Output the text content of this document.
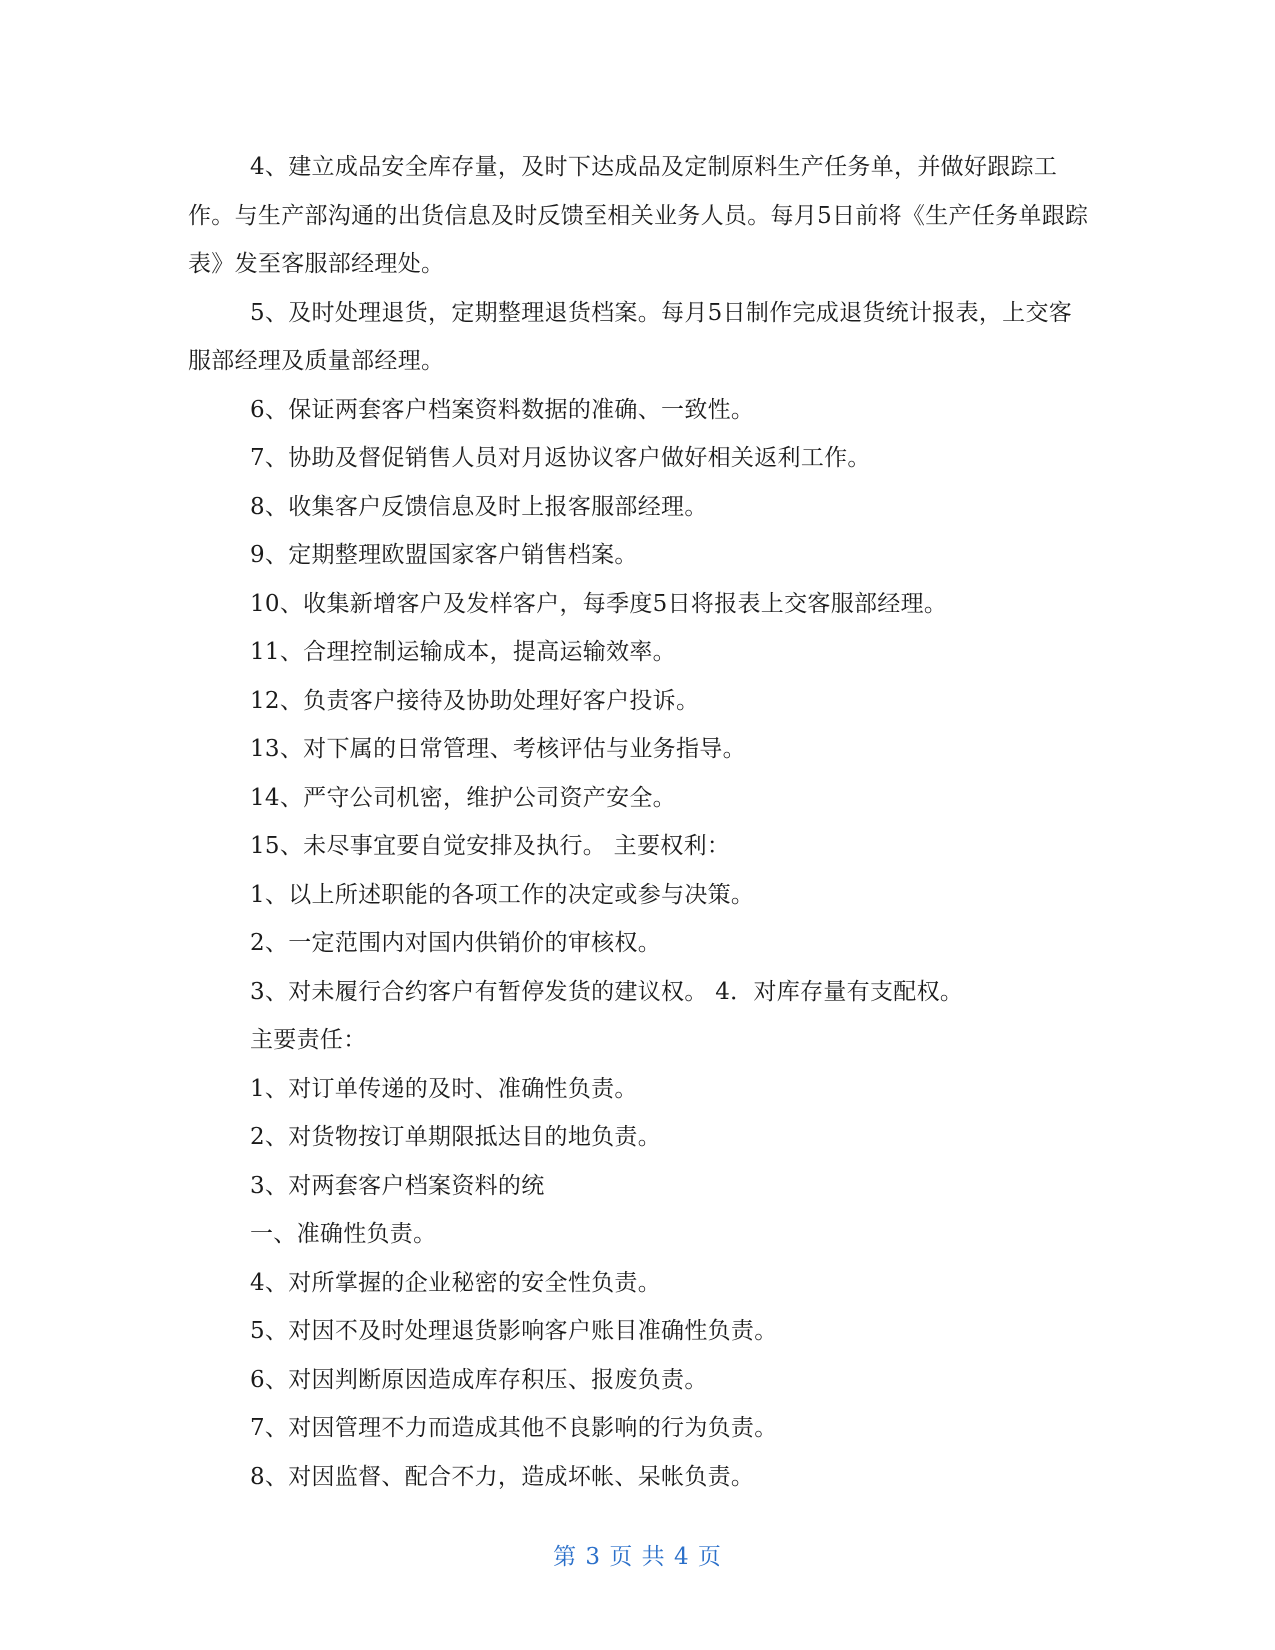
4、建立成品安全库存量，及时下达成品及定制原料生产任务单，并做好跟踪工作。与生产部沟通的出货信息及时反馈至相关业务人员。每月5日前将《生产任务单跟踪表》发至客服部经理处。

5、及时处理退货，定期整理退货档案。每月5日制作完成退货统计报表，上交客服部经理及质量部经理。

6、保证两套客户档案资料数据的准确、一致性。

7、协助及督促销售人员对月返协议客户做好相关返利工作。

8、收集客户反馈信息及时上报客服部经理。

9、定期整理欧盟国家客户销售档案。

10、收集新增客户及发样客户，每季度5日将报表上交客服部经理。

11、合理控制运输成本，提高运输效率。

12、负责客户接待及协助处理好客户投诉。

13、对下属的日常管理、考核评估与业务指导。

14、严守公司机密，维护公司资产安全。

15、未尽事宜要自觉安排及执行。 主要权利：

1、以上所述职能的各项工作的决定或参与决策。

2、一定范围内对国内供销价的审核权。

3、对未履行合约客户有暂停发货的建议权。 4．对库存量有支配权。

主要责任：

1、对订单传递的及时、准确性负责。

2、对货物按订单期限抵达目的地负责。

3、对两套客户档案资料的统

一、准确性负责。

4、对所掌握的企业秘密的安全性负责。

5、对因不及时处理退货影响客户账目准确性负责。

6、对因判断原因造成库存积压、报废负责。

7、对因管理不力而造成其他不良影响的行为负责。

8、对因监督、配合不力，造成坏帐、呆帐负责。

第 3 页 共 4 页
